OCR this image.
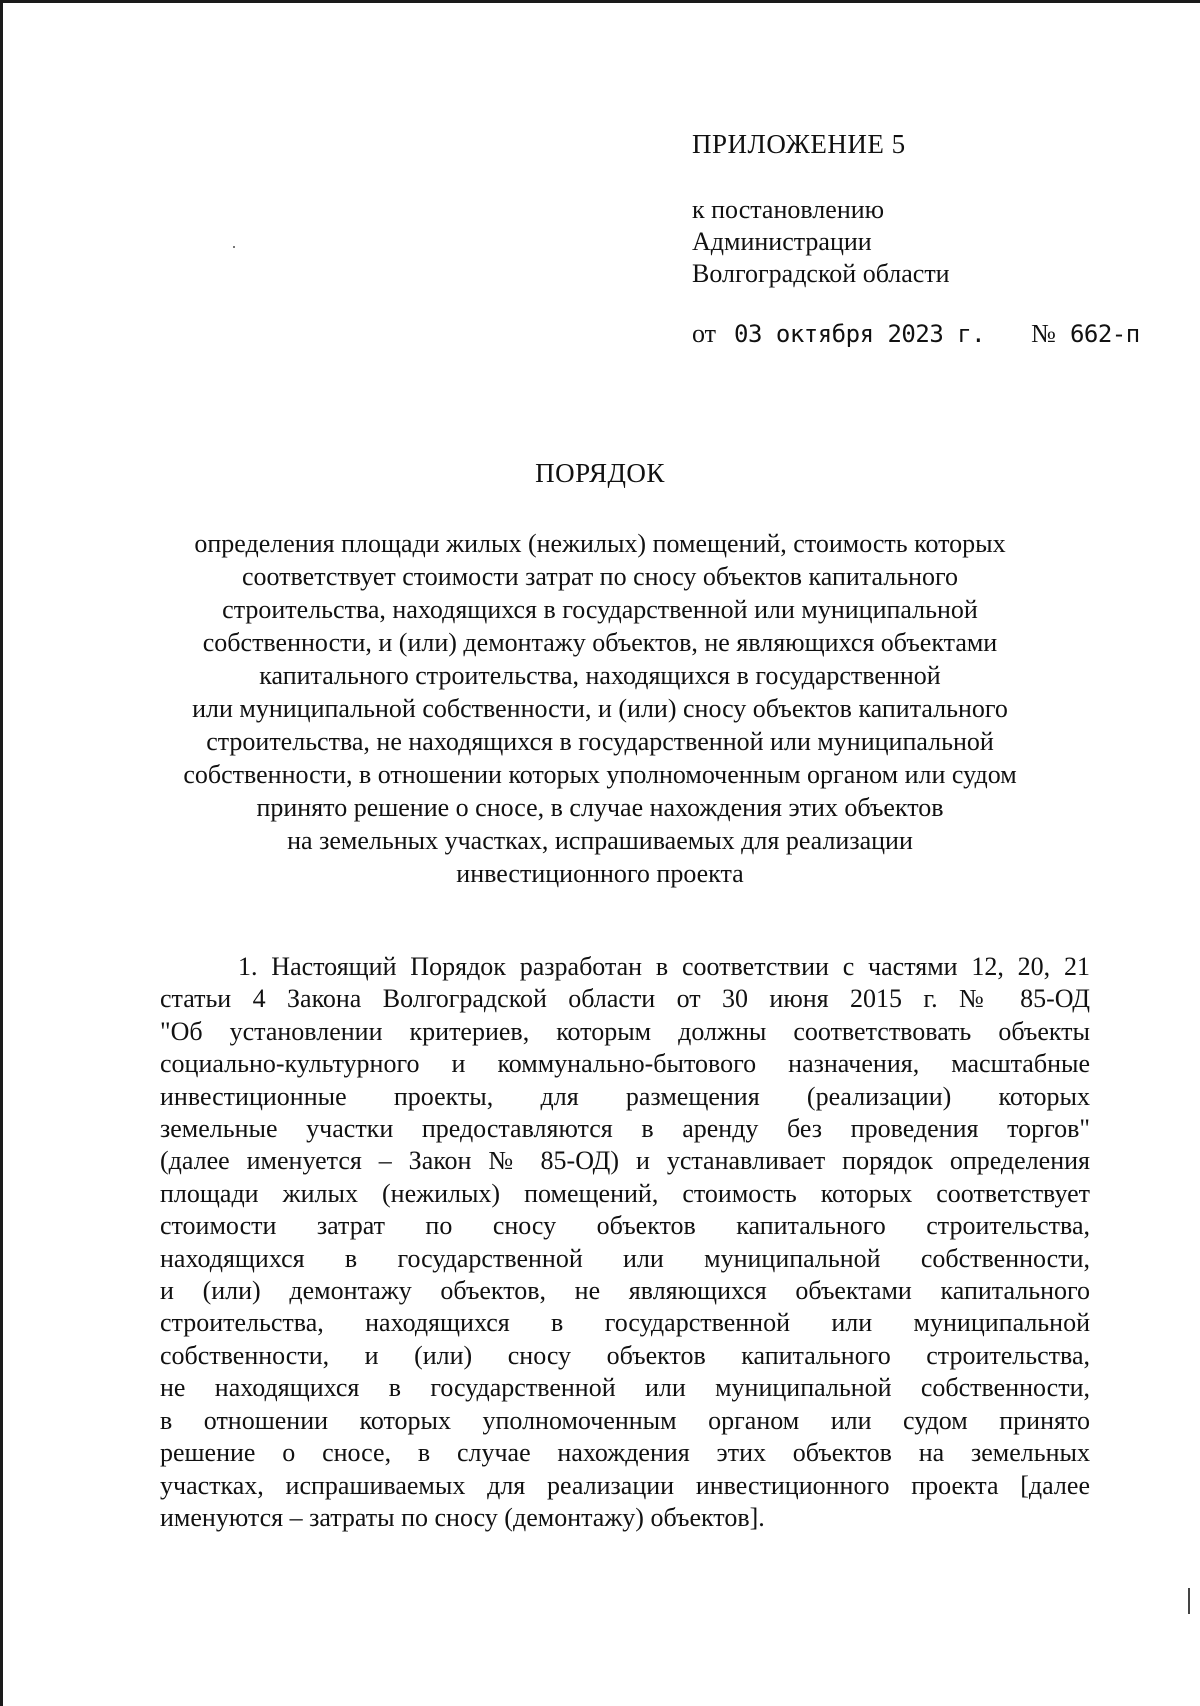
ПРИЛОЖЕНИЕ 5
к постановлению
Администрации
Волгоградской области
от 03 октября 2023 г. № 662-п
ПОРЯДОК

определения площади жилых (нежилых) помещений, стоимость которых
соответствует стоимости затрат по сносу объектов капитального
строительства, находящихся в государственной или муниципальной
собственности, и (или) демонтажу объектов, не являющихся объектами
капитального строительства, находящихся в государственной
или муниципальной собственности, и (или) сносу объектов капитального
строительства, не находящихся в государственной или муниципальной
собственности, в отношении которых уполномоченным органом или судом
принято решение о сносе, в случае нахождения этих объектов
на земельных участках, испрашиваемых для реализации
инвестиционного проекта

1. Настоящий Порядок разработан в соответствии с частями 12, 20, 21
статьи 4 Закона Волгоградской области от 30 июня 2015 г. № 85-ОД
"Об установлении критериев, которым должны соответствовать объекты
социально-культурного и коммунально-бытового назначения, масштабные
инвестиционные проекты, для размещения (реализации) которых
земельные участки предоставляются в аренду без проведения торгов"
(далее именуется – Закон № 85-ОД) и устанавливает порядок определения
площади жилых (нежилых) помещений, стоимость которых соответствует
стоимости затрат по сносу объектов капитального строительства,
находящихся в государственной или муниципальной собственности,
и (или) демонтажу объектов, не являющихся объектами капитального
строительства, находящихся в государственной или муниципальной
собственности, и (или) сносу объектов капитального строительства,
не находящихся в государственной или муниципальной собственности,
в отношении которых уполномоченным органом или судом принято
решение о сносе, в случае нахождения этих объектов на земельных
участках, испрашиваемых для реализации инвестиционного проекта [далее
именуются – затраты по сносу (демонтажу) объектов].
